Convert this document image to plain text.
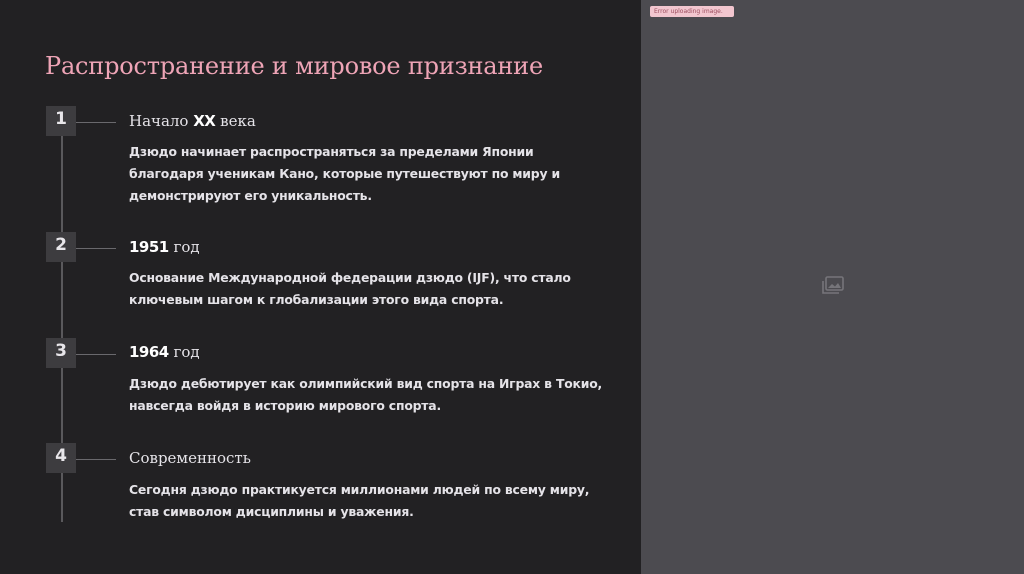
Распространение и мировое признание
1	Начало XX века
Дзюдо начинает распространяться за пределами Японии благодаря ученикам Кано, которые путешествуют по миру и демонстрируют его уникальность.
2	1951 год
Основание Международной федерации дзюдо (IJF), что стало ключевым шагом к глобализации этого вида спорта.
3	1964 год
Дзюдо дебютирует как олимпийский вид спорта на Играх в Токио, навсегда войдя в историю мирового спорта.
4	Современность
Сегодня дзюдо практикуется миллионами людей по всему миру, став символом дисциплины и уважения.
Error uploading image.
